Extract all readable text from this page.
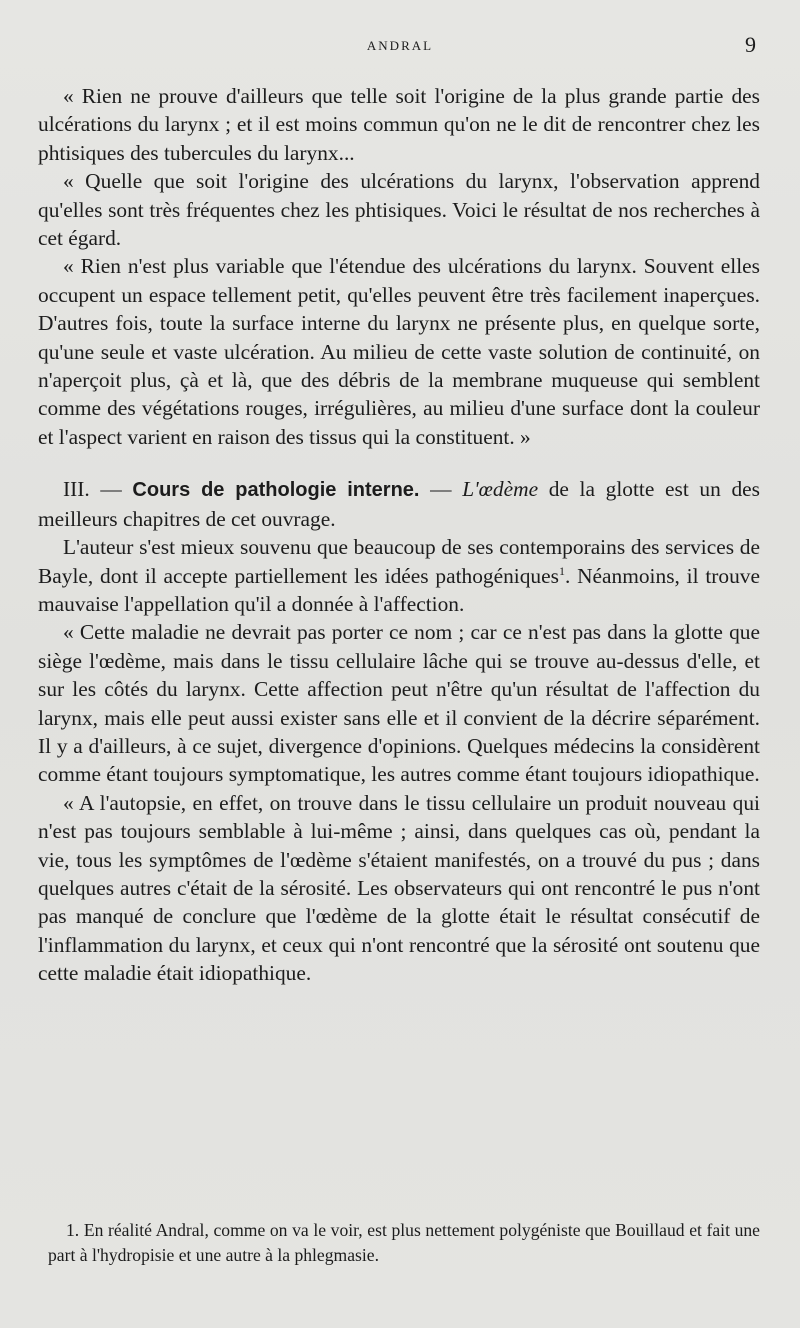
ANDRAL	9

« Rien ne prouve d'ailleurs que telle soit l'origine de la plus grande partie des ulcérations du larynx ; et il est moins commun qu'on ne le dit de rencontrer chez les phtisiques des tubercules du larynx...

« Quelle que soit l'origine des ulcérations du larynx, l'observation apprend qu'elles sont très fréquentes chez les phtisiques. Voici le résultat de nos recherches à cet égard.

« Rien n'est plus variable que l'étendue des ulcérations du larynx. Souvent elles occupent un espace tellement petit, qu'elles peuvent être très facilement inaperçues. D'autres fois, toute la surface interne du larynx ne présente plus, en quelque sorte, qu'une seule et vaste ulcération. Au milieu de cette vaste solution de continuité, on n'aperçoit plus, çà et là, que des débris de la membrane muqueuse qui semblent comme des végétations rouges, irrégulières, au milieu d'une surface dont la couleur et l'aspect varient en raison des tissus qui la constituent. »

III. — Cours de pathologie interne. — L'œdème de la glotte est un des meilleurs chapitres de cet ouvrage.

L'auteur s'est mieux souvenu que beaucoup de ses contemporains des services de Bayle, dont il accepte partiellement les idées pathogéniques$^1$. Néanmoins, il trouve mauvaise l'appellation qu'il a donnée à l'affection.

« Cette maladie ne devrait pas porter ce nom ; car ce n'est pas dans la glotte que siège l'œdème, mais dans le tissu cellulaire lâche qui se trouve au-dessus d'elle, et sur les côtés du larynx. Cette affection peut n'être qu'un résultat de l'affection du larynx, mais elle peut aussi exister sans elle et il convient de la décrire séparément. Il y a d'ailleurs, à ce sujet, divergence d'opinions. Quelques médecins la considèrent comme étant toujours symptomatique, les autres comme étant toujours idiopathique.

« A l'autopsie, en effet, on trouve dans le tissu cellulaire un produit nouveau qui n'est pas toujours semblable à lui-même ; ainsi, dans quelques cas où, pendant la vie, tous les symptômes de l'œdème s'étaient manifestés, on a trouvé du pus ; dans quelques autres c'était de la sérosité. Les observateurs qui ont rencontré le pus n'ont pas manqué de conclure que l'œdème de la glotte était le résultat consécutif de l'inflammation du larynx, et ceux qui n'ont rencontré que la sérosité ont soutenu que cette maladie était idiopathique.

1. En réalité Andral, comme on va le voir, est plus nettement polygéniste que Bouillaud et fait une part à l'hydropisie et une autre à la phlegmasie.
